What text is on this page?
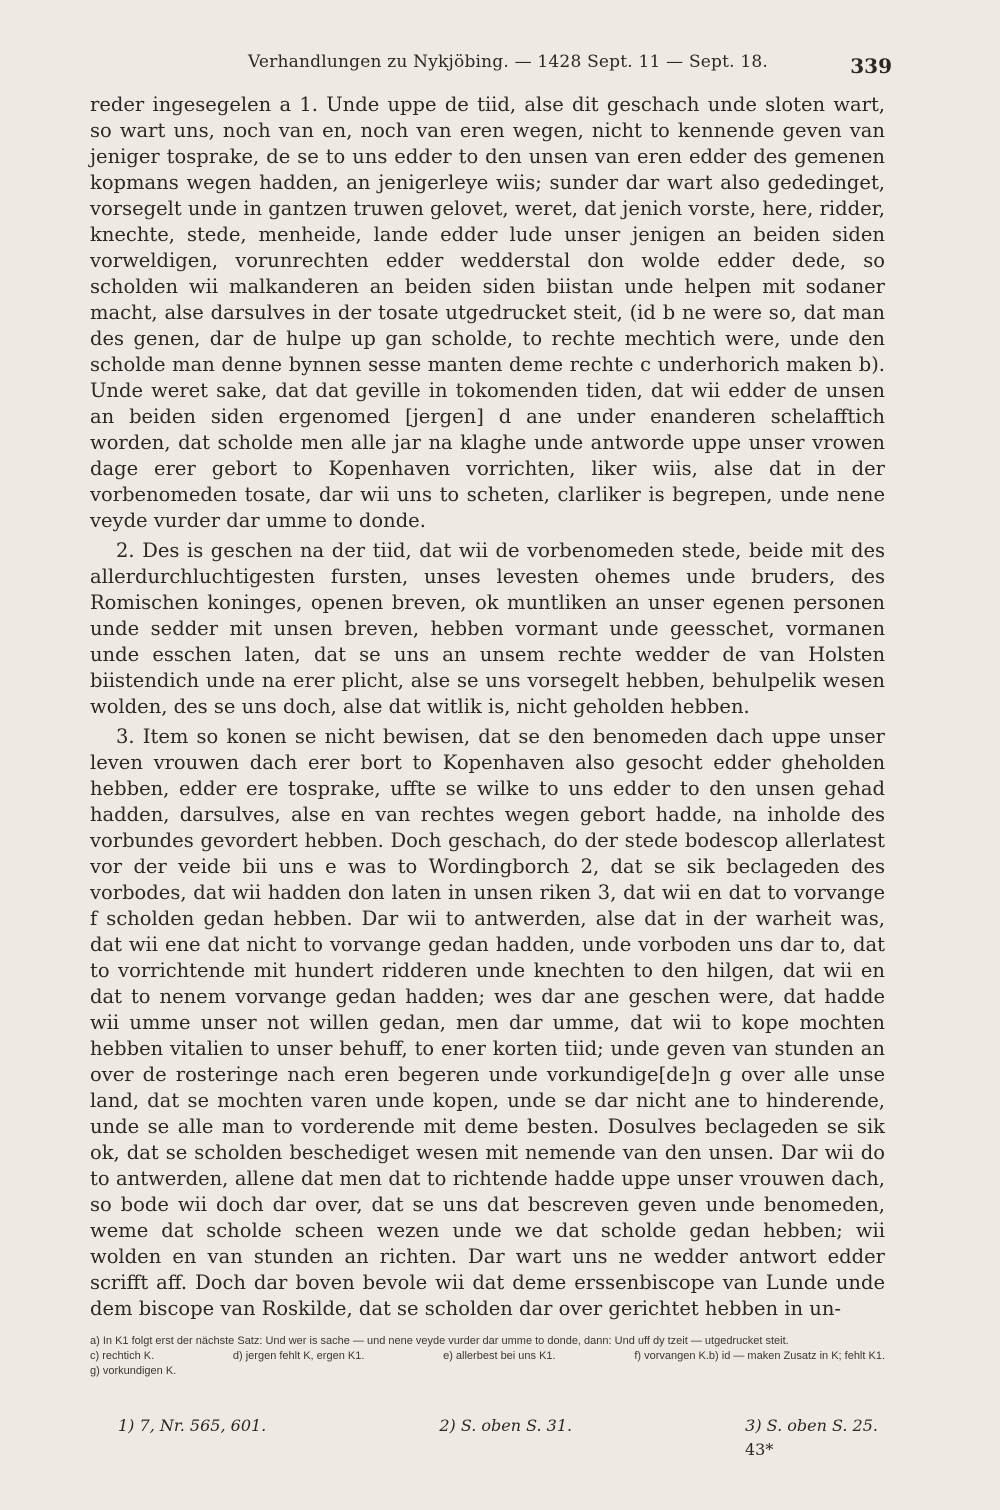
Verhandlungen zu Nykjöbing. — 1428 Sept. 11 — Sept. 18.	339

reder ingesegelen a 1. Unde uppe de tiid, alse dit geschach unde sloten wart, so wart uns, noch van en, noch van eren wegen, nicht to kennende geven van jeniger tosprake, de se to uns edder to den unsen van eren edder des gemenen kopmans wegen hadden, an jenigerleye wiis; sunder dar wart also gededinget, vorsegelt unde in gantzen truwen gelovet, weret, dat jenich vorste, here, ridder, knechte, stede, menheide, lande edder lude unser jenigen an beiden siden vorweldigen, vorunrechten edder wedderstal don wolde edder dede, so scholden wii malkanderen an beiden siden biistan unde helpen mit sodaner macht, alse darsulves in der tosate utgedrucket steit, (id b ne were so, dat man des genen, dar de hulpe up gan scholde, to rechte mechtich were, unde den scholde man denne bynnen sesse manten deme rechte c underhorich maken b). Unde weret sake, dat dat geville in tokomenden tiden, dat wii edder de unsen an beiden siden ergenomed [jergen] d ane under enanderen schelafftich worden, dat scholde men alle jar na klaghe unde antworde uppe unser vrowen dage erer gebort to Kopenhaven vorrichten, liker wiis, alse dat in der vorbenomeden tosate, dar wii uns to scheten, clarliker is begrepen, unde nene veyde vurder dar umme to donde.

2. Des is geschen na der tiid, dat wii de vorbenomeden stede, beide mit des allerdurchluchtigesten fursten, unses levesten ohemes unde bruders, des Romischen koninges, openen breven, ok muntliken an unser egenen personen unde sedder mit unsen breven, hebben vormant unde geesschet, vormanen unde esschen laten, dat se uns an unsem rechte wedder de van Holsten biistendich unde na erer plicht, alse se uns vorsegelt hebben, behulpelik wesen wolden, des se uns doch, alse dat witlik is, nicht geholden hebben.

3. Item so konen se nicht bewisen, dat se den benomeden dach uppe unser leven vrouwen dach erer bort to Kopenhaven also gesocht edder gheholden hebben, edder ere tosprake, uffte se wilke to uns edder to den unsen gehad hadden, darsulves, alse en van rechtes wegen gebort hadde, na inholde des vorbundes gevordert hebben. Doch geschach, do der stede bodescop allerlatest vor der veide bii uns e was to Wordingborch 2, dat se sik beclageden des vorbodes, dat wii hadden don laten in unsen riken 3, dat wii en dat to vorvange f scholden gedan hebben. Dar wii to antwerden, alse dat in der warheit was, dat wii ene dat nicht to vorvange gedan hadden, unde vorboden uns dar to, dat to vorrichtende mit hundert ridderen unde knechten to den hilgen, dat wii en dat to nenem vorvange gedan hadden; wes dar ane geschen were, dat hadde wii umme unser not willen gedan, men dar umme, dat wii to kope mochten hebben vitalien to unser behuff, to ener korten tiid; unde geven van stunden an over de rosteringe nach eren begeren unde vorkundige[de]n g over alle unse land, dat se mochten varen unde kopen, unde se dar nicht ane to hinderende, unde se alle man to vorderende mit deme besten. Dosulves beclageden se sik ok, dat se scholden beschediget wesen mit nemende van den unsen. Dar wii do to antwerden, allene dat men dat to richtende hadde uppe unser vrouwen dach, so bode wii doch dar over, dat se uns dat bescreven geven unde benomeden, weme dat scholde scheen wezen unde we dat scholde gedan hebben; wii wolden en van stunden an richten. Dar wart uns ne wedder antwort edder scrifft aff. Doch dar boven bevole wii dat deme erssenbiscope van Lunde unde dem biscope van Roskilde, dat se scholden dar over gerichtet hebben in un-

a) In K1 folgt erst der nächste Satz: Und wer is sache — und nene veyde vurder dar umme to donde, dann: Und uff dy tzeit — utgedrucket steit.
b) id — maken Zusatz in K; fehlt K1.
c) rechtich K.	d) jergen fehlt K, ergen K1.	e) allerbest bei uns K1.	f) vorvangen K.
g) vorkundigen K.
1) 7, Nr. 565, 601.	2) S. oben S. 31.	3) S. oben S. 25.
43*
